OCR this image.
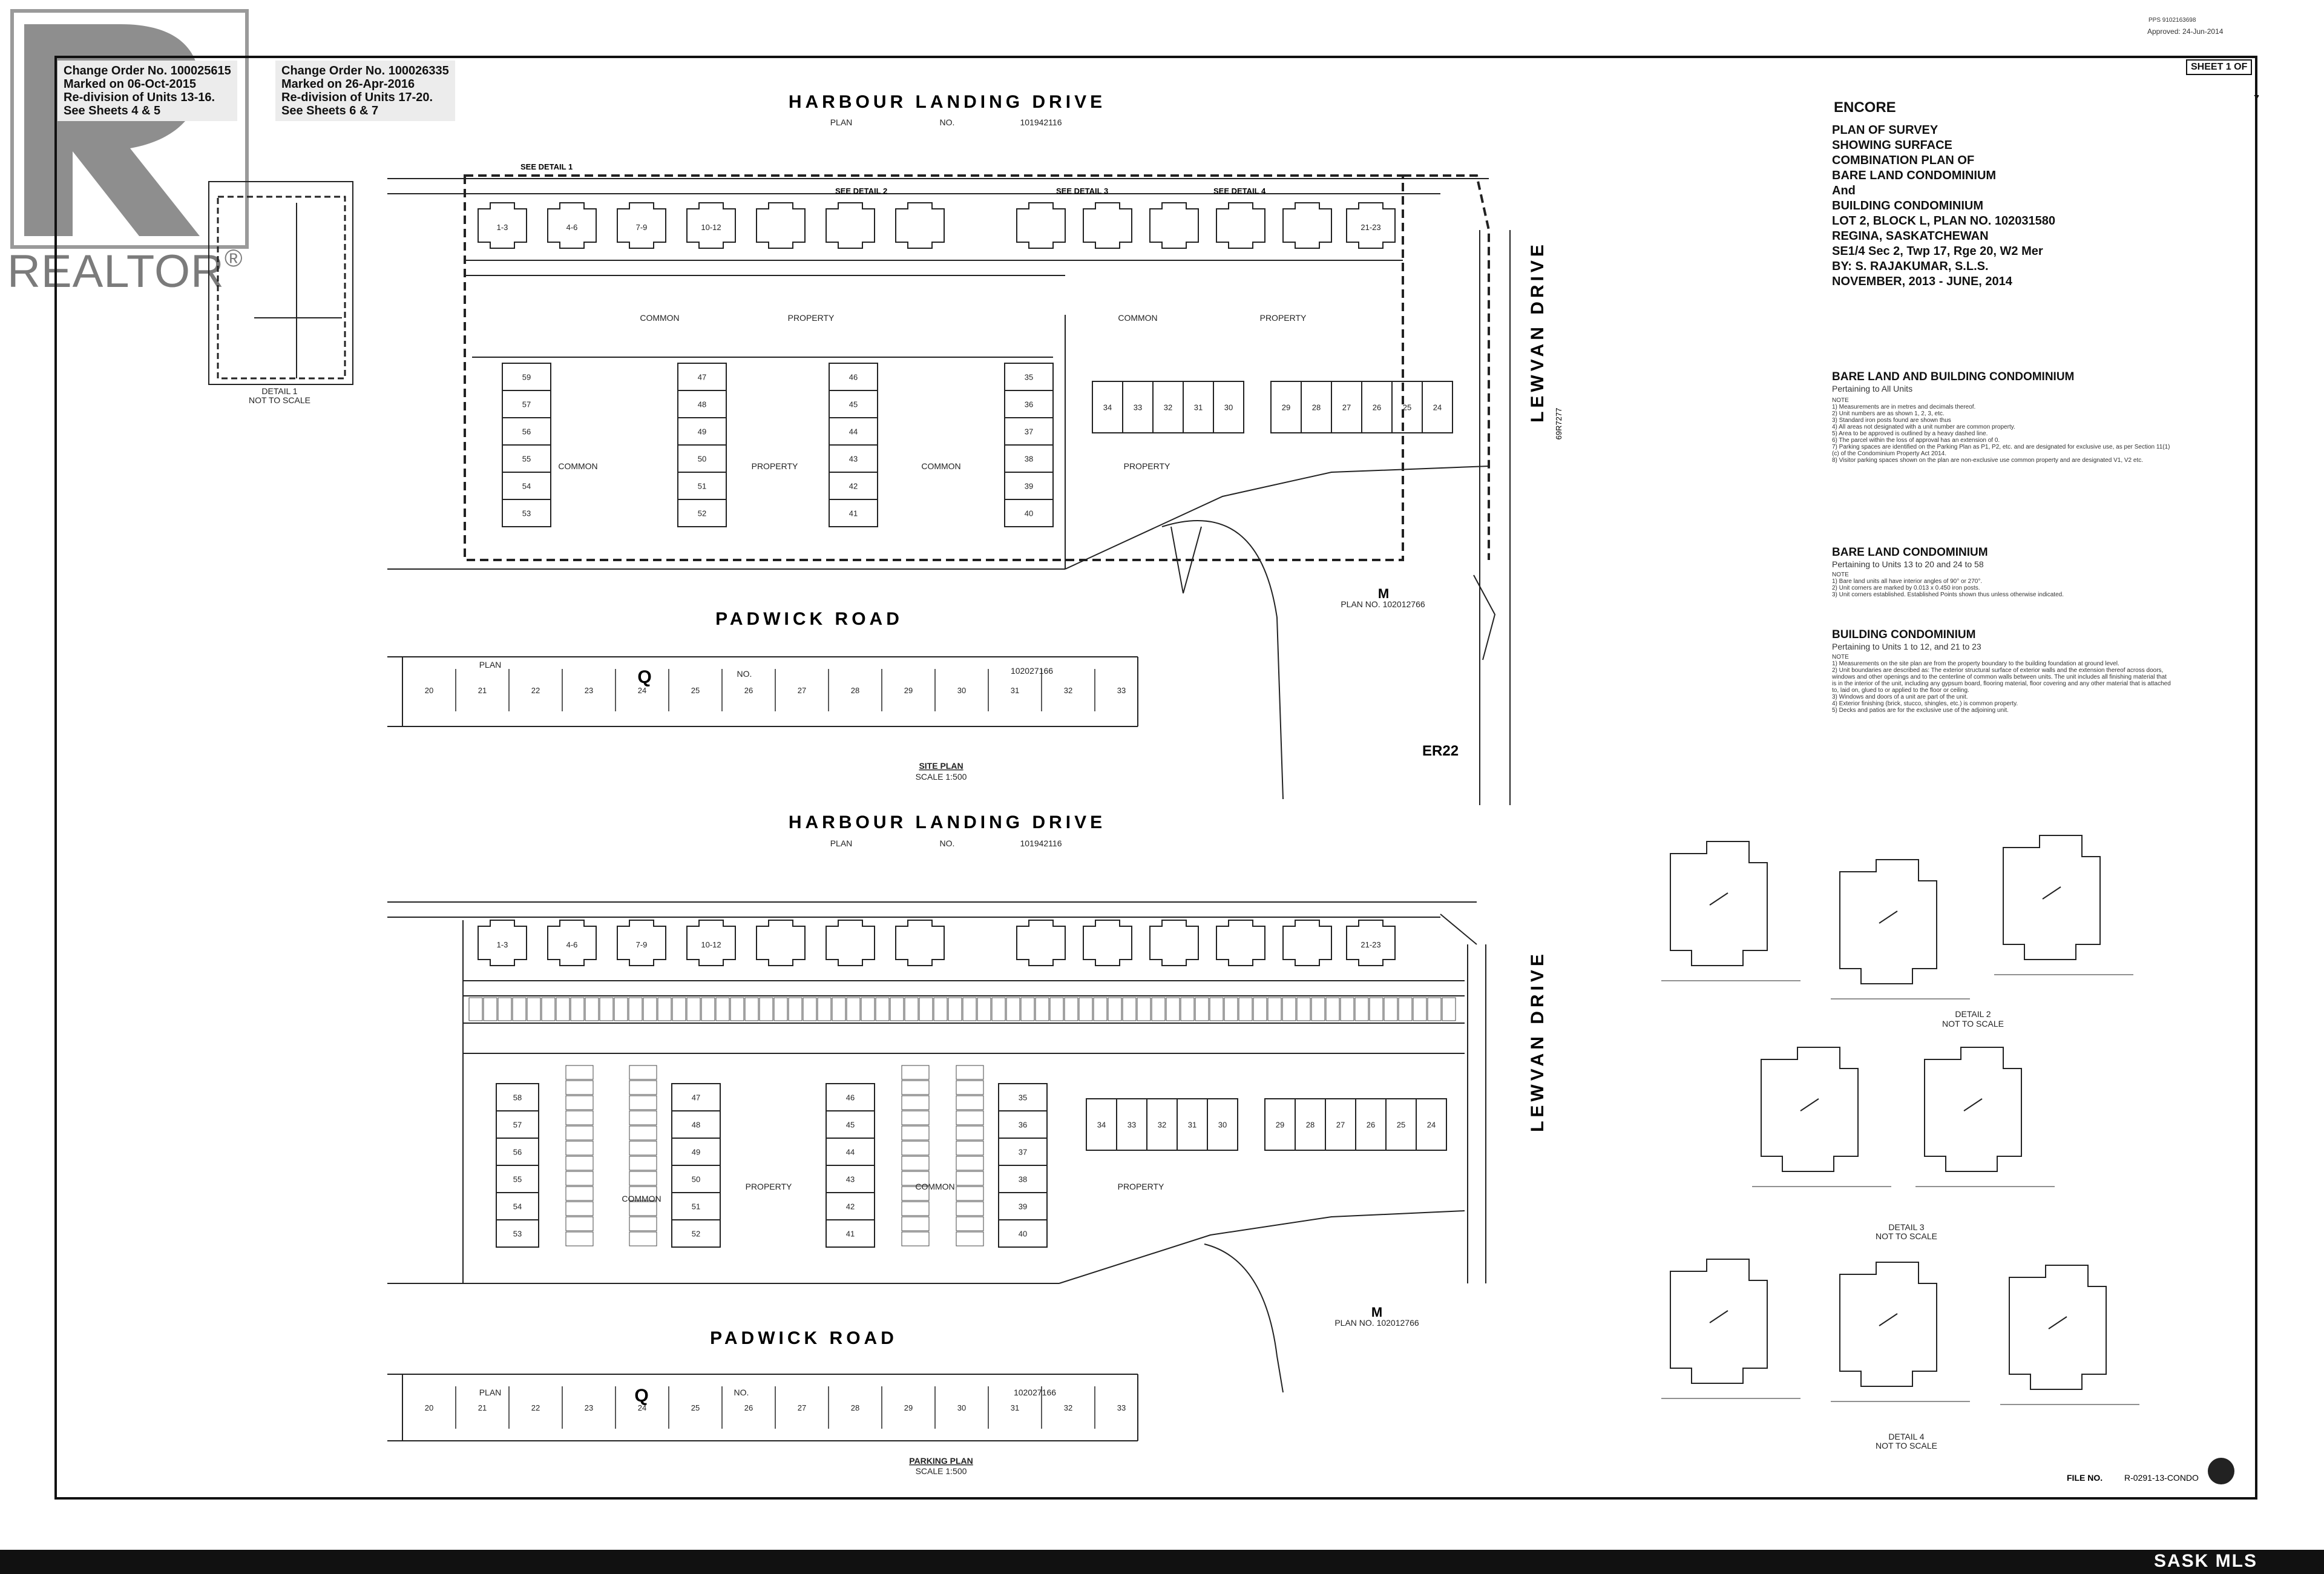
REALTOR®
PPS 9102163698
Approved: 24-Jun-2014
SHEET 1 OF
7
Change Order No. 100025615
Marked on 06-Oct-2015
Re-division of Units 13-16.
See Sheets 4 & 5
Change Order No. 100026335
Marked on 26-Apr-2016
Re-division of Units 17-20.
See Sheets 6 & 7	ENCORE
PLAN OF SURVEY
SHOWING SURFACE
COMBINATION PLAN OF
BARE LAND CONDOMINIUM
And
BUILDING CONDOMINIUM
LOT 2, BLOCK L, PLAN NO. 102031580
REGINA, SASKATCHEWAN
SE1/4 Sec 2, Twp 17, Rge 20, W2 Mer
BY: S. RAJAKUMAR, S.L.S.
NOVEMBER, 2013 - JUNE, 2014
BARE LAND AND BUILDING CONDOMINIUM
Pertaining to All Units
NOTE
1) Measurements are in metres and decimals thereof.
2) Unit numbers are as shown 1, 2, 3, etc.
3) Standard iron posts found are shown thus
4) All areas not designated with a unit number are common property.
5) Area to be approved is outlined by a heavy dashed line.
6) The parcel within the loss of approval has an extension of 0.
7) Parking spaces are identified on the Parking Plan as P1, P2, etc. and are designated for exclusive use, as per Section 11(1)(c) of the Condominium Property Act 2014.
8) Visitor parking spaces shown on the plan are non-exclusive use common property and are designated V1, V2 etc.
BARE LAND CONDOMINIUM
Pertaining to Units 13 to 20 and 24 to 58
NOTE
1) Bare land units all have interior angles of 90° or 270°.
2) Unit corners are marked by 0.013 x 0.450 iron posts.
3) Unit corners established. Established Points shown thus unless otherwise indicated.
BUILDING CONDOMINIUM
Pertaining to Units 1 to 12, and 21 to 23
NOTE
1) Measurements on the site plan are from the property boundary to the building foundation at ground level.
2) Unit boundaries are described as: The exterior structural surface of exterior walls and the extension thereof across doors, windows and other openings and to the centerline of common walls between units. The unit includes all finishing material that is in the interior of the unit, including any gypsum board, flooring material, floor covering and any other material that is attached to, laid on, glued to or applied to the floor or ceiling.
3) Windows and doors of a unit are part of the unit.
4) Exterior finishing (brick, stucco, shingles, etc.) is common property.
5) Decks and patios are for the exclusive use of the adjoining unit.
1-3	4-6	7-9	10-12	21-23
59
57
56
55
54
53
47
48
49
50
51
52
46
45
44
43
42
41
35
36
37
38
39
40
34	33	32	31	30	29	28	27	26	25	24
20	21	22	23	24	25	26	27	28	29	30	31	32	33
1-3	4-6	7-9	10-12	21-23
58
57
56
55
54
53
47
48
49
50
51
52
46
45
44
43
42
41
35
36
37
38
39
40
34	33	32	31	30	29	28	27	26	25	24
20	21	22	23	24	25	26	27	28	29	30	31	32	33
HARBOUR LANDING DRIVE
PLAN	NO.	101942116
PADWICK ROAD
LEWVAN DRIVE
69R7277
Q
M
PLAN NO. 102012766
ER22
SITE PLAN
SCALE 1:500
SEE DETAIL 1
SEE DETAIL 2	SEE DETAIL 3	SEE DETAIL 4
COMMON	PROPERTY	COMMON	PROPERTY
COMMON	PROPERTY	COMMON	PROPERTY
PLAN
NO.	102027166
HARBOUR LANDING DRIVE
PLAN	NO.	101942116
PADWICK ROAD
LEWVAN DRIVE
Q
M
PLAN NO. 102012766
PARKING PLAN
SCALE 1:500
COMMON
PROPERTY	COMMON	PROPERTY
PLAN	NO.	102027166
DETAIL 1
NOT TO SCALE
DETAIL 2
NOT TO SCALE
DETAIL 3
NOT TO SCALE
DETAIL 4
NOT TO SCALE
FILE NO.	R-0291-13-CONDO
SASK MLS
